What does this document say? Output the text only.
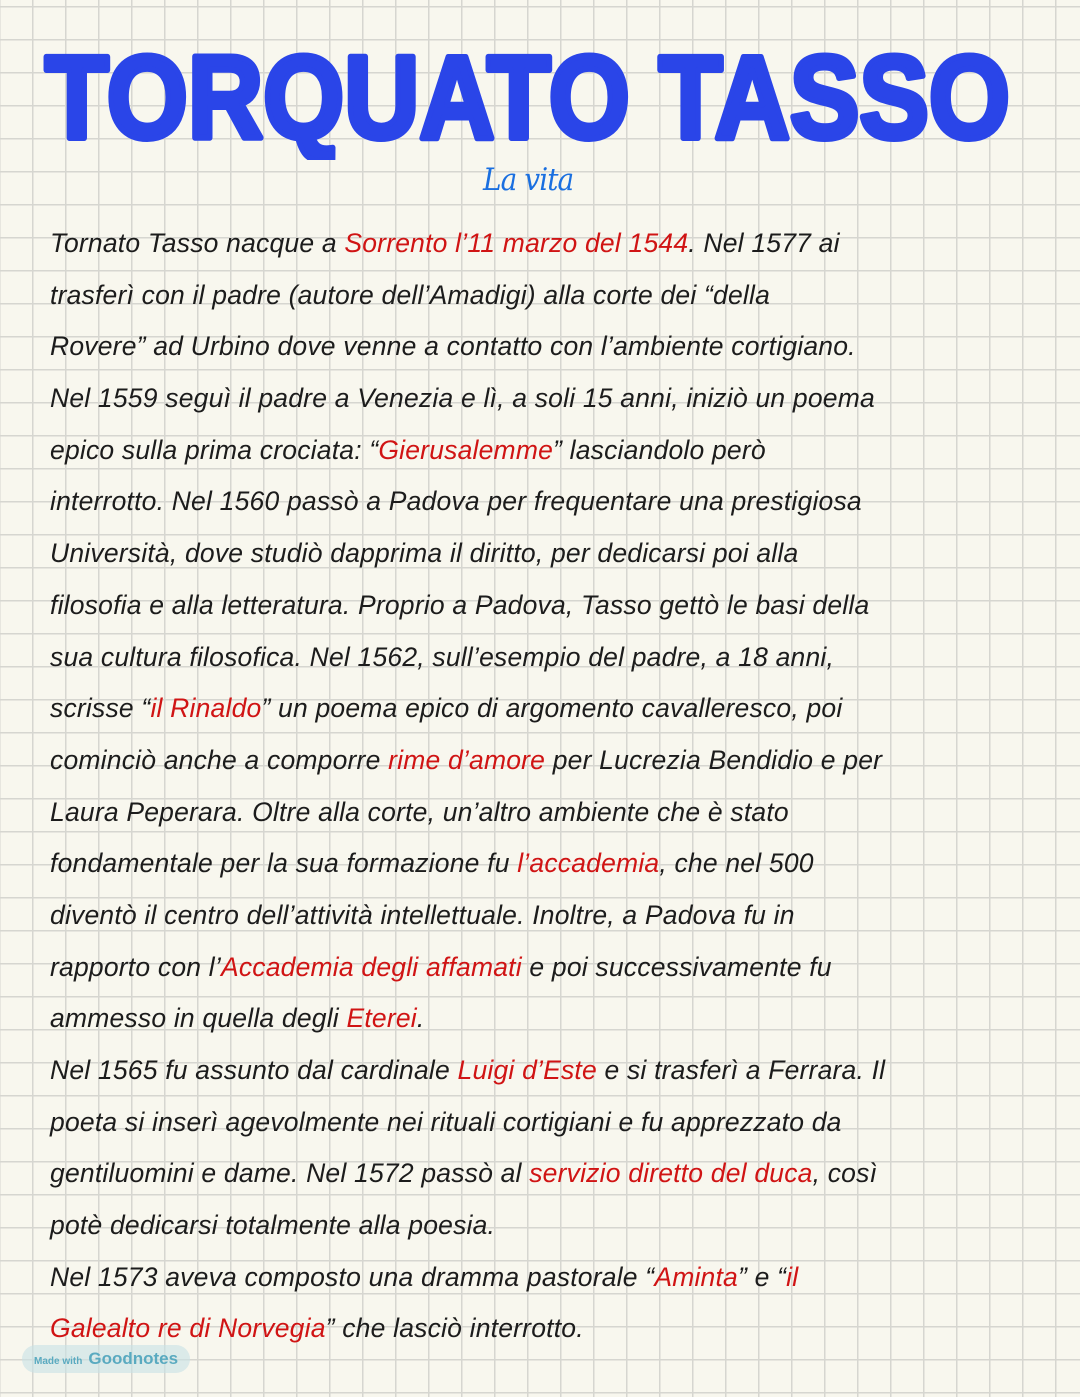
TORQUATO TASSO
La vita
Tornato Tasso nacque a Sorrento l’11 marzo del 1544. Nel 1577 ai
trasferì con il padre (autore dell’Amadigi) alla corte dei “della
Rovere” ad Urbino dove venne a contatto con l’ambiente cortigiano.
Nel 1559 seguì il padre a Venezia e lì, a soli 15 anni, iniziò un poema
epico sulla prima crociata: “Gierusalemme” lasciandolo però
interrotto. Nel 1560 passò a Padova per frequentare una prestigiosa
Università, dove studiò dapprima il diritto, per dedicarsi poi alla
filosofia e alla letteratura. Proprio a Padova, Tasso gettò le basi della
sua cultura filosofica. Nel 1562, sull’esempio del padre, a 18 anni,
scrisse “il Rinaldo” un poema epico di argomento cavalleresco, poi
cominciò anche a comporre rime d’amore per Lucrezia Bendidio e per
Laura Peperara. Oltre alla corte, un’altro ambiente che è stato
fondamentale per la sua formazione fu l’accademia, che nel 500
diventò il centro dell’attività intellettuale. Inoltre, a Padova fu in
rapporto con l’Accademia degli affamati e poi successivamente fu
ammesso in quella degli Eterei.
Nel 1565 fu assunto dal cardinale Luigi d’Este e si trasferì a Ferrara. Il
poeta si inserì agevolmente nei rituali cortigiani e fu apprezzato da
gentiluomini e dame. Nel 1572 passò al servizio diretto del duca, così
potè dedicarsi totalmente alla poesia.
Nel 1573 aveva composto una dramma pastorale “Aminta” e “il
Galealto re di Norvegia” che lasciò interrotto.
Made with Goodnotes
